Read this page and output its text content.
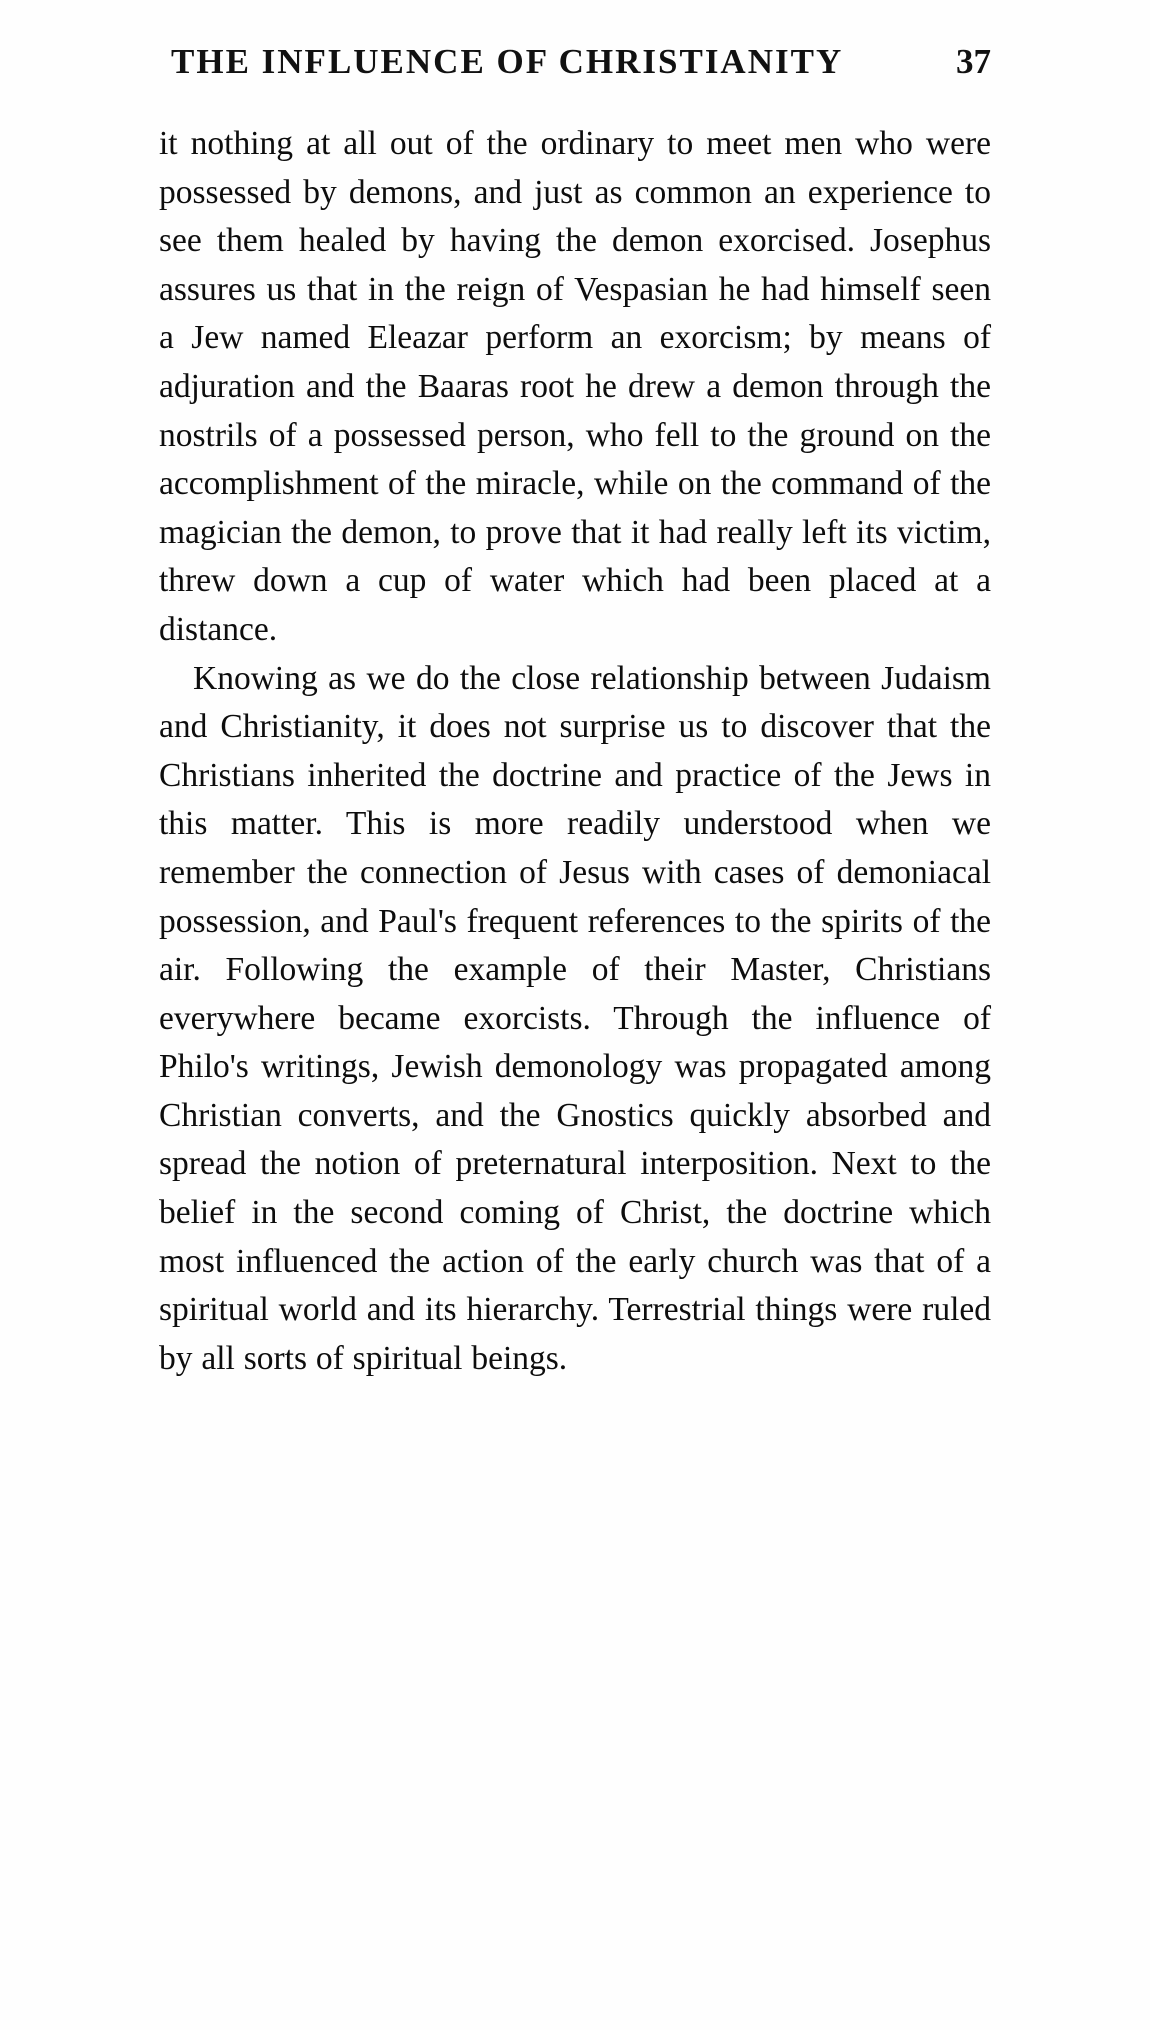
THE INFLUENCE OF CHRISTIANITY	37

it nothing at all out of the ordinary to meet men who were possessed by demons, and just as common an experience to see them healed by having the demon exorcised. Josephus assures us that in the reign of Vespasian he had himself seen a Jew named Eleazar perform an exorcism; by means of adjuration and the Baaras root he drew a demon through the nostrils of a possessed person, who fell to the ground on the accomplishment of the miracle, while on the command of the magician the demon, to prove that it had really left its victim, threw down a cup of water which had been placed at a distance.

Knowing as we do the close relationship between Judaism and Christianity, it does not surprise us to discover that the Christians inherited the doctrine and practice of the Jews in this matter. This is more readily understood when we remember the connection of Jesus with cases of demoniacal possession, and Paul's frequent references to the spirits of the air. Following the example of their Master, Christians everywhere became exorcists. Through the influence of Philo's writings, Jewish demonology was propagated among Christian converts, and the Gnostics quickly absorbed and spread the notion of preternatural interposition. Next to the belief in the second coming of Christ, the doctrine which most influenced the action of the early church was that of a spiritual world and its hierarchy. Terrestrial things were ruled by all sorts of spiritual beings.
